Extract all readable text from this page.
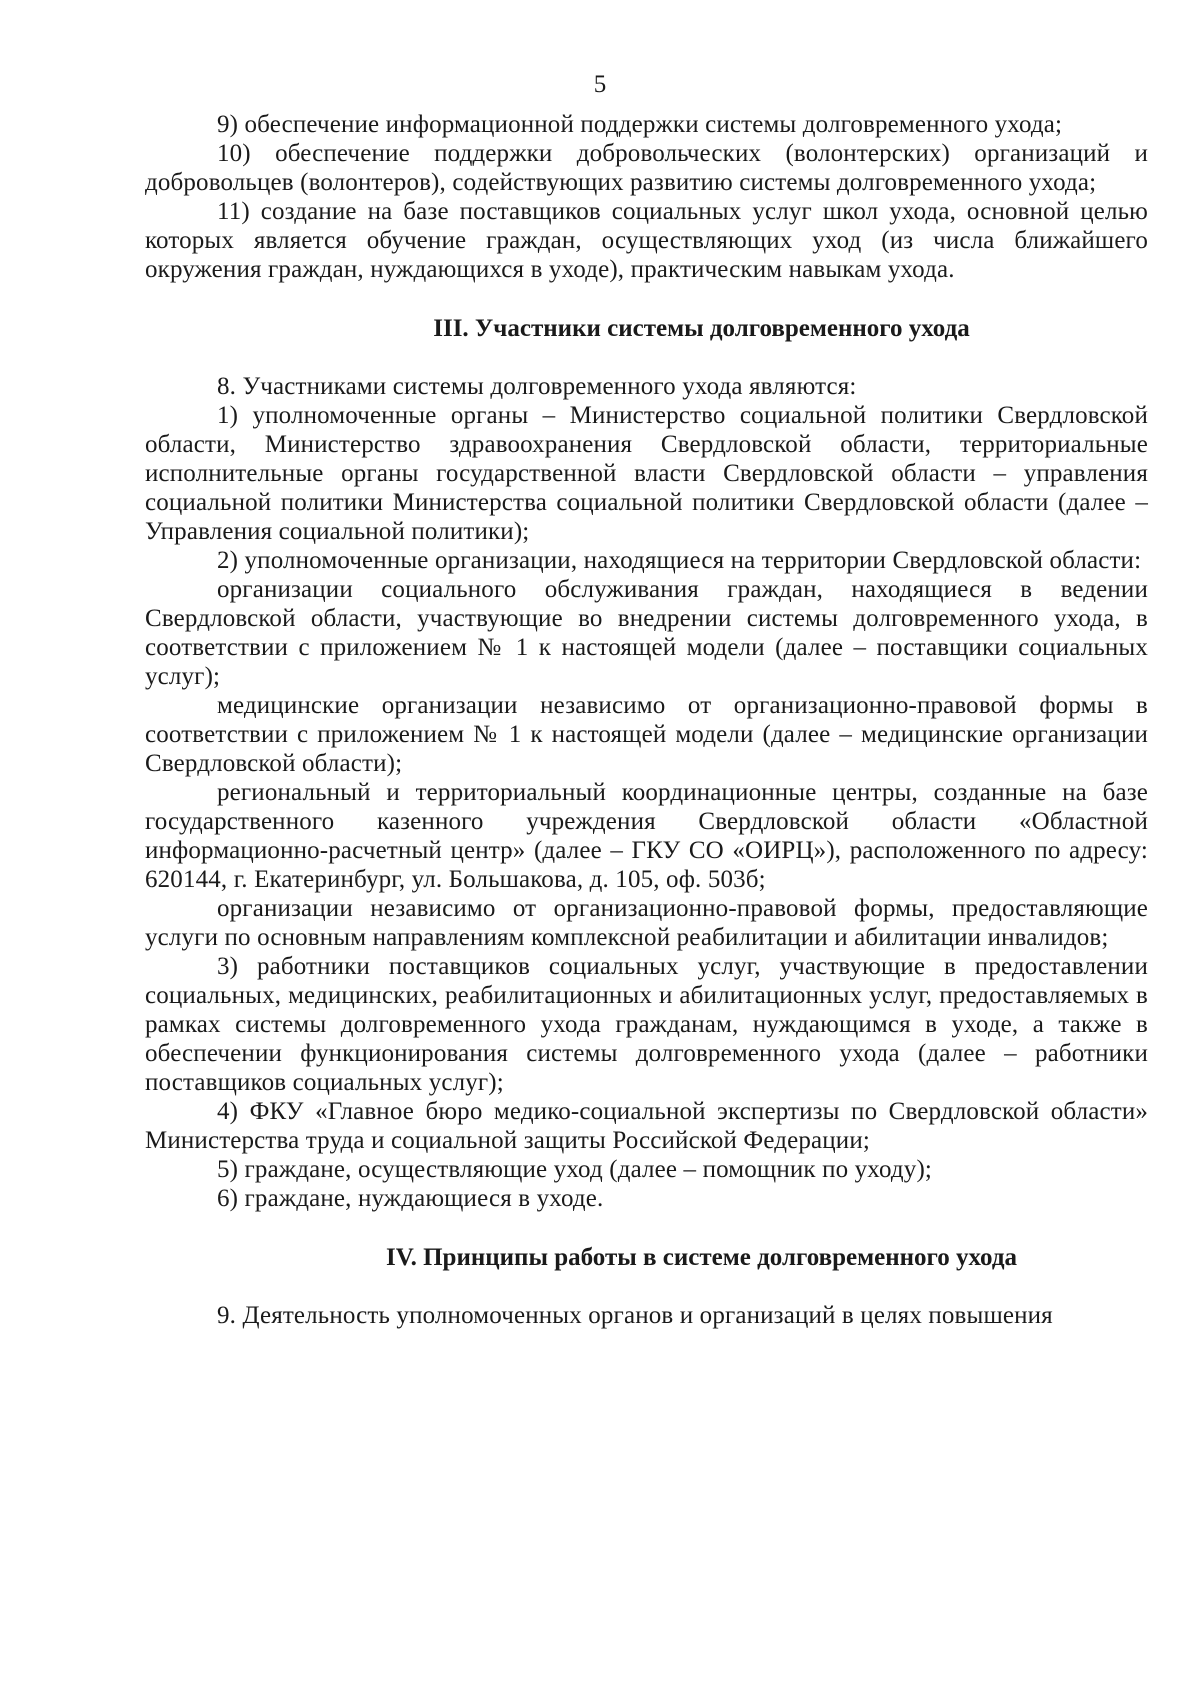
5

9) обеспечение информационной поддержки системы долговременного ухода;

10) обеспечение поддержки добровольческих (волонтерских) организаций и добровольцев (волонтеров), содействующих развитию системы долговременного ухода;

11) создание на базе поставщиков социальных услуг школ ухода, основной целью которых является обучение граждан, осуществляющих уход (из числа ближайшего окружения граждан, нуждающихся в уходе), практическим навыкам ухода.

III. Участники системы долговременного ухода

8. Участниками системы долговременного ухода являются:

1) уполномоченные органы – Министерство социальной политики Свердловской области, Министерство здравоохранения Свердловской области, территориальные исполнительные органы государственной власти Свердловской области – управления социальной политики Министерства социальной политики Свердловской области (далее – Управления социальной политики);

2) уполномоченные организации, находящиеся на территории Свердловской области:

организации социального обслуживания граждан, находящиеся в ведении Свердловской области, участвующие во внедрении системы долговременного ухода, в соответствии с приложением № 1 к настоящей модели (далее – поставщики социальных услуг);

медицинские организации независимо от организационно-правовой формы в соответствии с приложением № 1 к настоящей модели (далее – медицинские организации Свердловской области);

региональный и территориальный координационные центры, созданные на базе государственного казенного учреждения Свердловской области «Областной информационно-расчетный центр» (далее – ГКУ СО «ОИРЦ»), расположенного по адресу: 620144, г. Екатеринбург, ул. Большакова, д. 105, оф. 503б;

организации независимо от организационно-правовой формы, предоставляющие услуги по основным направлениям комплексной реабилитации и абилитации инвалидов;

3) работники поставщиков социальных услуг, участвующие в предоставлении социальных, медицинских, реабилитационных и абилитационных услуг, предоставляемых в рамках системы долговременного ухода гражданам, нуждающимся в уходе, а также в обеспечении функционирования системы долговременного ухода (далее – работники поставщиков социальных услуг);

4) ФКУ «Главное бюро медико-социальной экспертизы по Свердловской области» Министерства труда и социальной защиты Российской Федерации;

5) граждане, осуществляющие уход (далее – помощник по уходу);

6) граждане, нуждающиеся в уходе.

IV. Принципы работы в системе долговременного ухода

9. Деятельность уполномоченных органов и организаций в целях повышения
